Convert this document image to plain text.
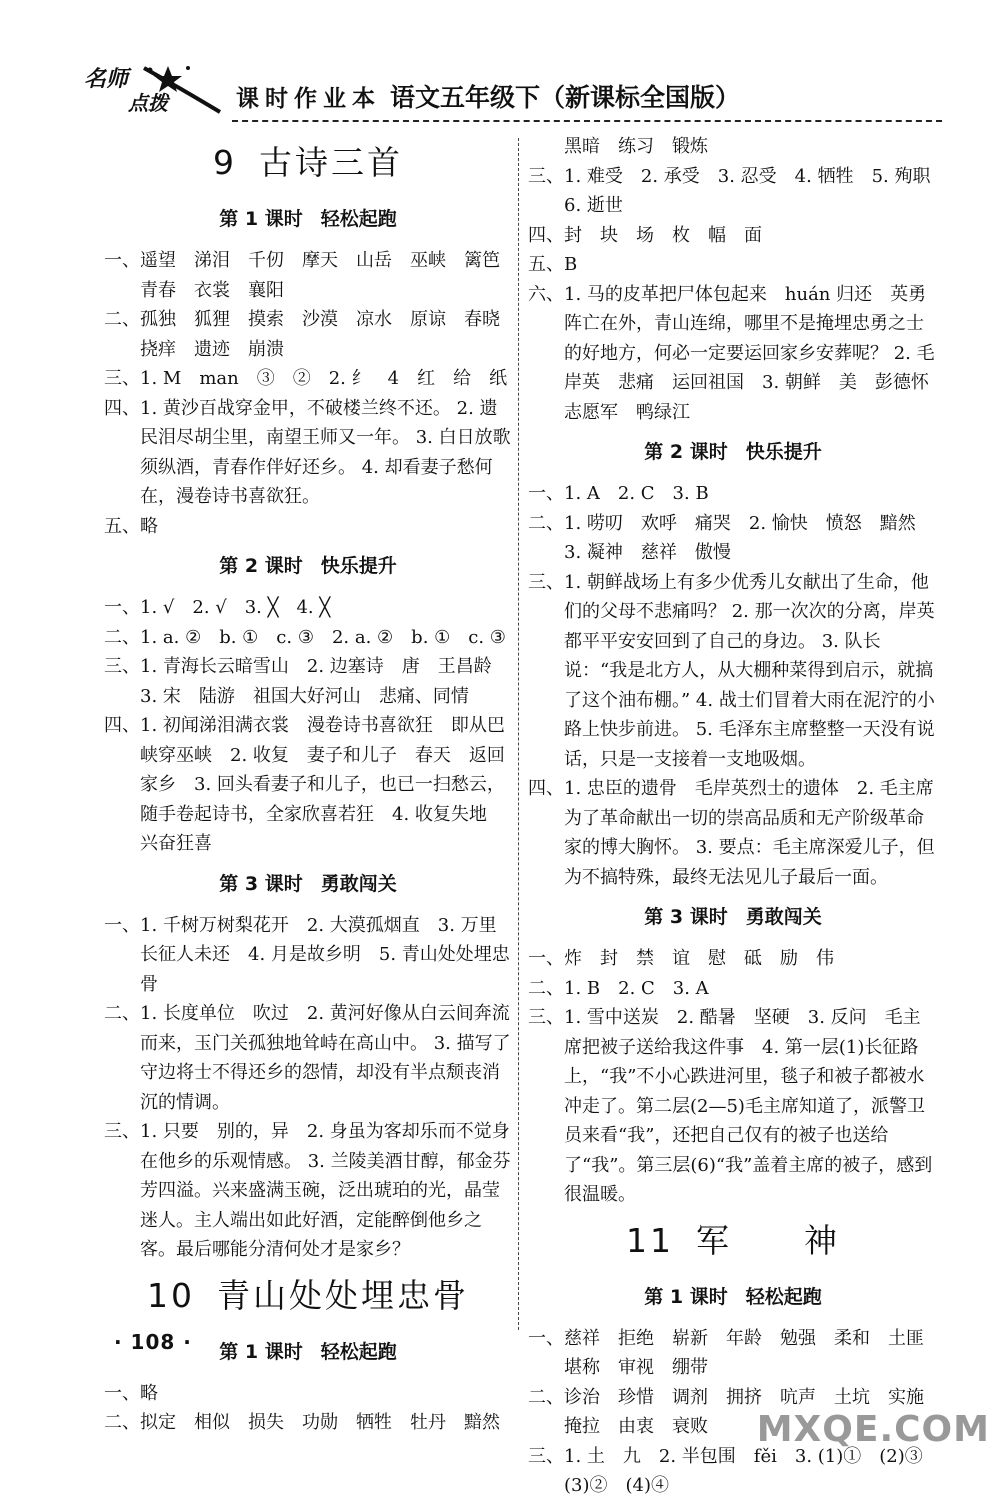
名师
点拨	课时作业本 语文五年级下（新课标全国版）
9 古诗三首
第 1 课时 轻松起跑

一、遥望　涕泪　千仞　摩天　山岳　巫峡　篱笆　青春　衣裳　襄阳

二、孤独　狐狸　摸索　沙漠　凉水　原谅　春晓　挠痒　遗迹　崩溃

三、1. M　man　③　②　2. 纟　4　红　给　纸

四、1. 黄沙百战穿金甲，不破楼兰终不还。 2. 遗民泪尽胡尘里，南望王师又一年。 3. 白日放歌须纵酒，青春作伴好还乡。 4. 却看妻子愁何在，漫卷诗书喜欲狂。

五、略

第 2 课时 快乐提升

一、1. √　2. √　3. ╳　4. ╳

二、1. a. ②　b. ①　c. ③　2. a. ②　b. ①　c. ③

三、1. 青海长云暗雪山　2. 边塞诗　唐　王昌龄　3. 宋　陆游　祖国大好河山　悲痛、同情

四、1. 初闻涕泪满衣裳　漫卷诗书喜欲狂　即从巴峡穿巫峡　2. 收复　妻子和儿子　春天　返回家乡　3. 回头看妻子和儿子，也已一扫愁云，随手卷起诗书，全家欣喜若狂　4. 收复失地　兴奋狂喜

第 3 课时 勇敢闯关

一、1. 千树万树梨花开　2. 大漠孤烟直　3. 万里长征人未还　4. 月是故乡明　5. 青山处处埋忠骨

二、1. 长度单位　吹过　2. 黄河好像从白云间奔流而来，玉门关孤独地耸峙在高山中。 3. 描写了守边将士不得还乡的怨情，却没有半点颓丧消沉的情调。

三、1. 只要　别的，异　2. 身虽为客却乐而不觉身在他乡的乐观情感。 3. 兰陵美酒甘醇，郁金芬芳四溢。兴来盛满玉碗，泛出琥珀的光，晶莹迷人。主人端出如此好酒，定能醉倒他乡之客。最后哪能分清何处才是家乡？

10 青山处处埋忠骨
第 1 课时 轻松起跑

一、略

二、拟定　相似　损失　功勋　牺牲　牡丹　黯然

　　黑暗　练习　锻炼

三、1. 难受　2. 承受　3. 忍受　4. 牺牲　5. 殉职　6. 逝世

四、封　块　场　枚　幅　面

五、B

六、1. 马的皮革把尸体包起来　huán 归还　英勇阵亡在外，青山连绵，哪里不是掩埋忠勇之士的好地方，何必一定要运回家乡安葬呢？ 2. 毛岸英　悲痛　运回祖国　3. 朝鲜　美　彭德怀　志愿军　鸭绿江

第 2 课时 快乐提升

一、1. A　2. C　3. B

二、1. 唠叨　欢呼　痛哭　2. 愉快　愤怒　黯然　3. 凝神　慈祥　傲慢

三、1. 朝鲜战场上有多少优秀儿女献出了生命，他们的父母不悲痛吗？ 2. 那一次次的分离，岸英都平平安安回到了自己的身边。 3. 队长说：“我是北方人，从大棚种菜得到启示，就搞了这个油布棚。” 4. 战士们冒着大雨在泥泞的小路上快步前进。 5. 毛泽东主席整整一天没有说话，只是一支接着一支地吸烟。

四、1. 忠臣的遗骨　毛岸英烈士的遗体　2. 毛主席为了革命献出一切的崇高品质和无产阶级革命家的博大胸怀。 3. 要点：毛主席深爱儿子，但为不搞特殊，最终无法见儿子最后一面。

第 3 课时 勇敢闯关

一、炸　封　禁　谊　慰　砥　励　伟

二、1. B　2. C　3. A

三、1. 雪中送炭　2. 酷暑　坚硬　3. 反问　毛主席把被子送给我这件事　4. 第一层(1)长征路上，“我”不小心跌进河里，毯子和被子都被水冲走了。第二层(2—5)毛主席知道了，派警卫员来看“我”，还把自己仅有的被子也送给了“我”。第三层(6)“我”盖着主席的被子，感到很温暖。

11 军　　神
第 1 课时 轻松起跑

一、慈祥　拒绝　崭新　年龄　勉强　柔和　土匪　堪称　审视　绷带

二、诊治　珍惜　调剂　拥挤　吭声　土坑　实施　掩拉　由衷　衰败

三、1. 土　九　2. 半包围　fěi　3. (1)①　(2)③　(3)②　(4)④

· 108 ·
MXQE.COM
